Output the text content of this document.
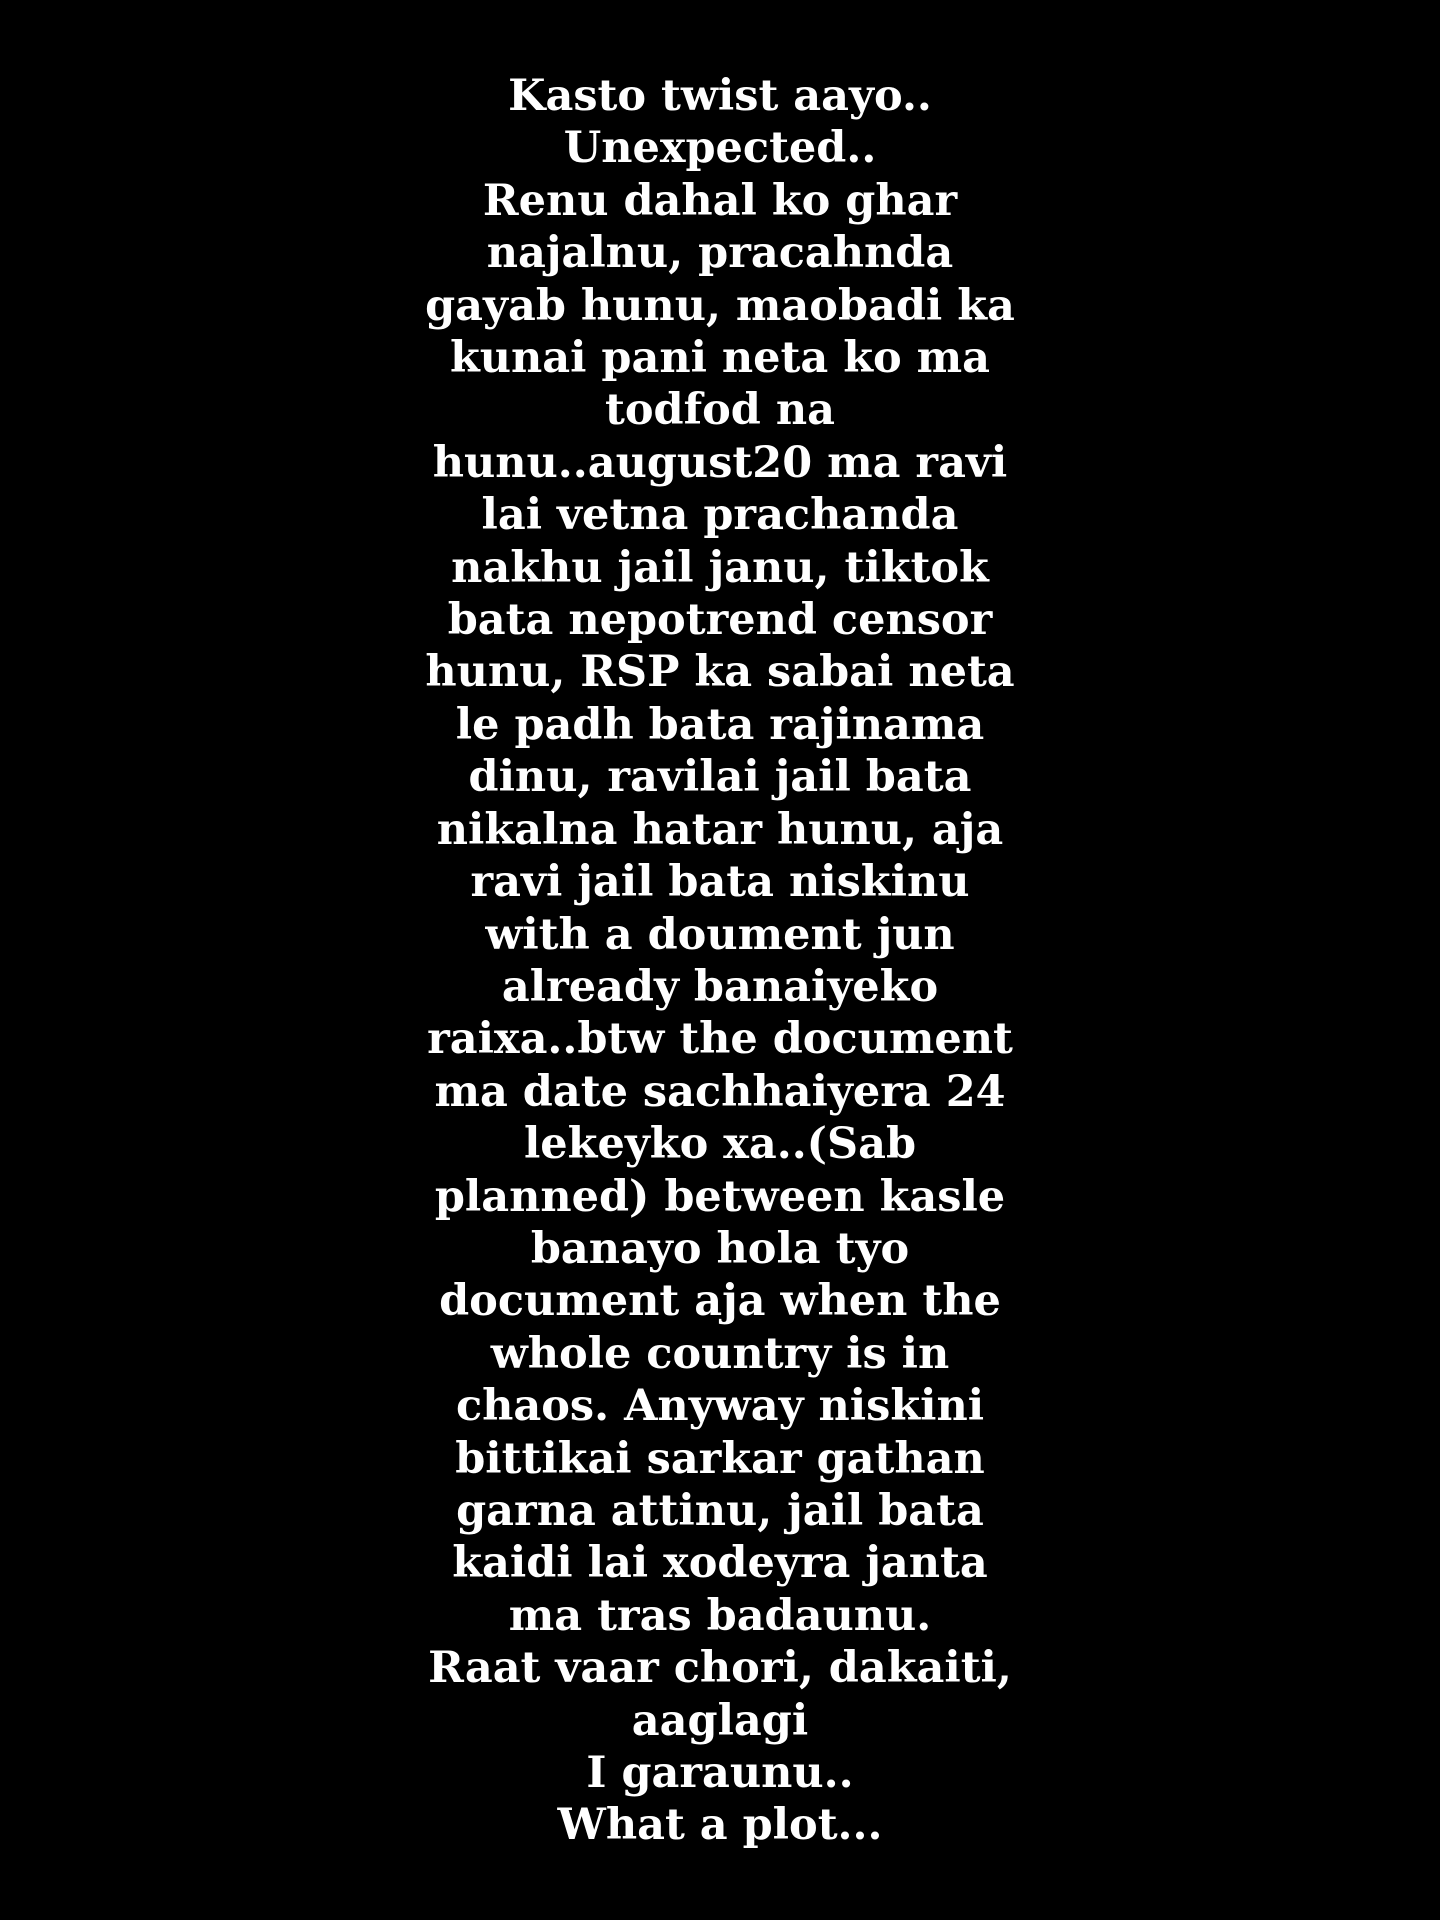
Kasto twist aayo..
Unexpected..
Renu dahal ko ghar
najalnu, pracahnda
gayab hunu, maobadi ka
kunai pani neta ko ma
todfod na
hunu..august20 ma ravi
lai vetna prachanda
nakhu jail janu, tiktok
bata nepotrend censor
hunu, RSP ka sabai neta
le padh bata rajinama
dinu, ravilai jail bata
nikalna hatar hunu, aja
ravi jail bata niskinu
with a doument jun
already banaiyeko
raixa..btw the document
ma date sachhaiyera 24
lekeyko xa..(Sab
planned) between kasle
banayo hola tyo
document aja when the
whole country is in
chaos. Anyway niskini
bittikai sarkar gathan
garna attinu, jail bata
kaidi lai xodeyra janta
ma tras badaunu.
Raat vaar chori, dakaiti,
aaglagi
I garaunu..
What a plot...
